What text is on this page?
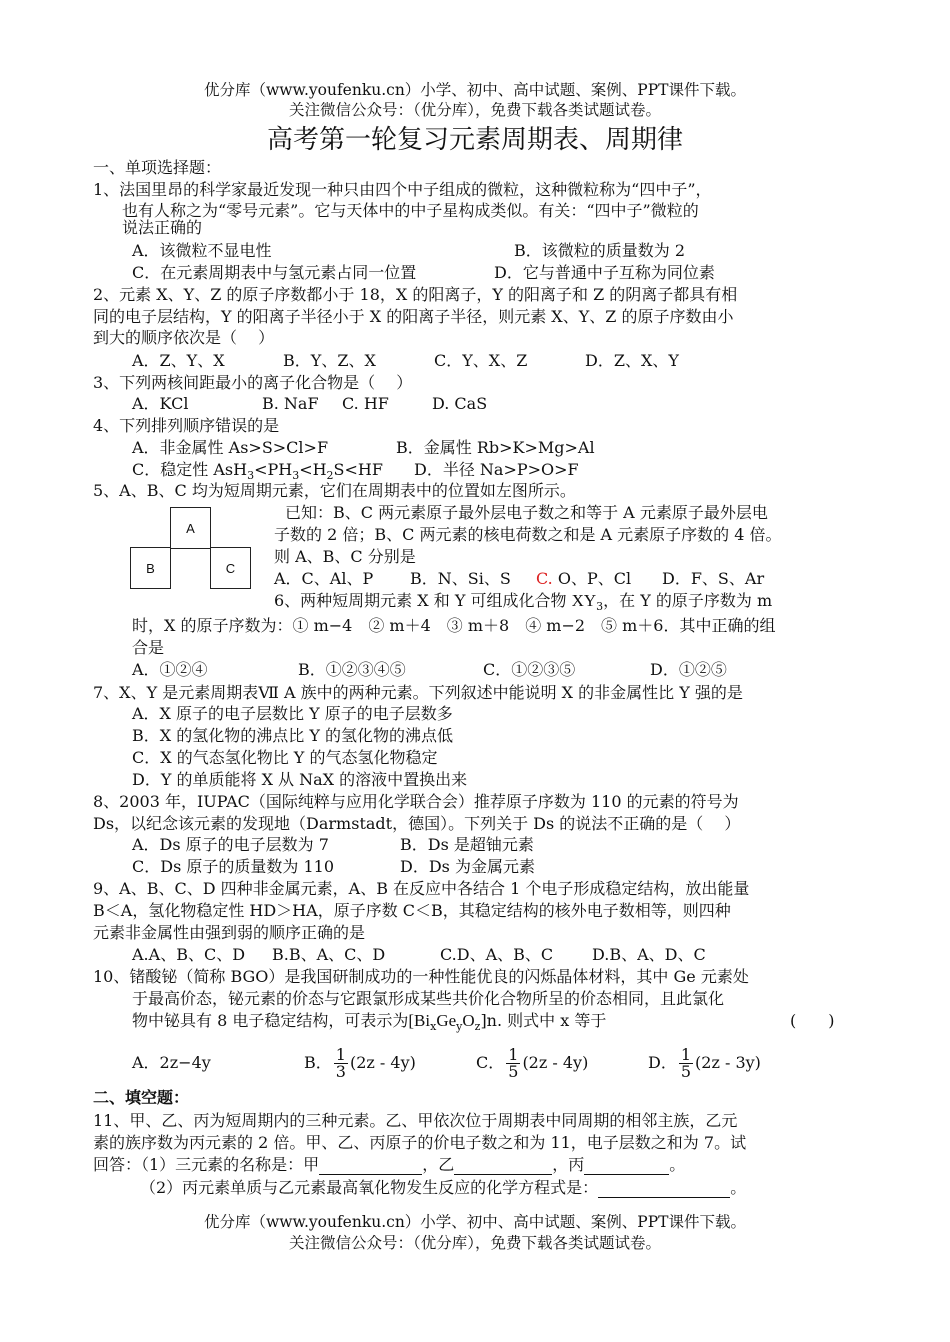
优分库（www.youfenku.cn）小学、初中、高中试题、案例、PPT课件下载。
关注微信公众号：（优分库），免费下载各类试题试卷。
高考第一轮复习元素周期表、周期律
一、单项选择题：
1、法国里昂的科学家最近发现一种只由四个中子组成的微粒，这种微粒称为“四中子”，
也有人称之为“零号元素”。它与天体中的中子星构成类似。有关：“四中子”微粒的
说法正确的
A．该微粒不显电性	B．该微粒的质量数为 2
C．在元素周期表中与氢元素占同一位置	D．它与普通中子互称为同位素
2、元素 X、Y、Z 的原子序数都小于 18，X 的阳离子，Y 的阳离子和 Z 的阴离子都具有相
同的电子层结构，Y 的阳离子半径小于 X 的阳离子半径，则元素 X、Y、Z 的原子序数由小
到大的顺序依次是（　 ）
A．Z、Y、X	B．Y、Z、X	C．Y、X、Z	D．Z、X、Y
3、下列两核间距最小的离子化合物是（　 ）
A．KCl	B. NaF C. HF	D. CaS
4、下列排列顺序错误的是
A．非金属性 As>S>Cl>F	B．金属性 Rb>K>Mg>Al
C．稳定性 $AsH_3<PH_3<H_2S<HF$ D．半径 Na>P>O>F
5、A、B、C 均为短周期元素，它们在周期表中的位置如左图所示。
A
B	C
已知：B、C 两元素原子最外层电子数之和等于 A 元素原子最外层电
子数的 2 倍；B、C 两元素的核电荷数之和是 A 元素原子序数的 4 倍。
则 A、B、C 分别是
A．C、Al、P B．N、Si、S C. O、P、Cl D．F、S、Ar
6、两种短周期元素 X 和 Y 可组成化合物 $XY_3$，在 Y 的原子序数为 m
时，X 的原子序数为：① m−4　② m＋4　③ m＋8　④ m−2　⑤ m＋6．其中正确的组
合是
A．①②④	B．①②③④⑤	C．①②③⑤	D．①②⑤
7、X、Y 是元素周期表Ⅶ A 族中的两种元素。下列叙述中能说明 X 的非金属性比 Y 强的是
A．X 原子的电子层数比 Y 原子的电子层数多
B．X 的氢化物的沸点比 Y 的氢化物的沸点低
C．X 的气态氢化物比 Y 的气态氢化物稳定
D．Y 的单质能将 X 从 NaX 的溶液中置换出来
8、2003 年，IUPAC（国际纯粹与应用化学联合会）推荐原子序数为 110 的元素的符号为
Ds，以纪念该元素的发现地（Darmstadt，德国）。下列关于 Ds 的说法不正确的是（　 ）
A．Ds 原子的电子层数为 7	B．Ds 是超铀元素
C．Ds 原子的质量数为 110	D．Ds 为金属元素
9、A、B、C、D 四种非金属元素，A、B 在反应中各结合 1 个电子形成稳定结构，放出能量
B＜A，氢化物稳定性 HD＞HA，原子序数 C＜B，其稳定结构的核外电子数相等，则四种
元素非金属性由强到弱的顺序正确的是
A.A、B、C、D B.B、A、C、D	C.D、A、B、C D.B、A、D、C
10、锗酸铋（简称 BGO）是我国研制成功的一种性能优良的闪烁晶体材料，其中 Ge 元素处
于最高价态，铋元素的价态与它跟氯形成某些共价化合物所呈的价态相同，且此氯化
物中铋具有 8 电子稳定结构，可表示为$[Bi_xGe_yO_z]n$. 则式中 x 等于	(　　)
A．2z−4y	B． $\frac{1}{3} (2z - 4y)$	C． $\frac{1}{5} (2z - 4y)$	D． $\frac{1}{5} (2z - 3y)$
二、填空题：
11、甲、乙、丙为短周期内的三种元素。乙、甲依次位于周期表中同周期的相邻主族，乙元
素的族序数为丙元素的 2 倍。甲、乙、丙原子的价电子数之和为 11，电子层数之和为 7。试
回答：（1）三元素的名称是：甲	，乙	，丙	。
（2）丙元素单质与乙元素最高氧化物发生反应的化学方程式是：	。
优分库（www.youfenku.cn）小学、初中、高中试题、案例、PPT课件下载。
关注微信公众号：（优分库），免费下载各类试题试卷。
